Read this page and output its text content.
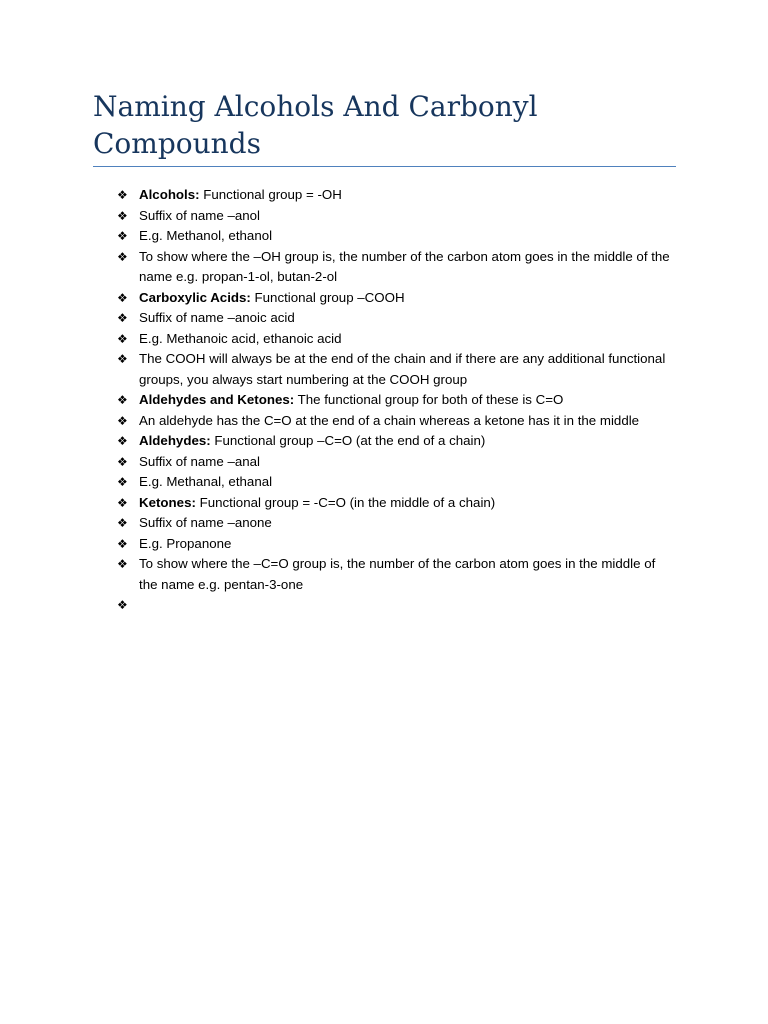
Naming Alcohols And Carbonyl Compounds
❖ Alcohols: Functional group = -OH
❖ Suffix of name –anol
❖ E.g. Methanol, ethanol
❖ To show where the –OH group is, the number of the carbon atom goes in the middle of the name e.g. propan-1-ol, butan-2-ol
❖ Carboxylic Acids: Functional group –COOH
❖ Suffix of name –anoic acid
❖ E.g. Methanoic acid, ethanoic acid
❖ The COOH will always be at the end of the chain and if there are any additional functional groups, you always start numbering at the COOH group
❖ Aldehydes and Ketones: The functional group for both of these is C=O
❖ An aldehyde has the C=O at the end of a chain whereas a ketone has it in the middle
❖ Aldehydes: Functional group –C=O (at the end of a chain)
❖ Suffix of name –anal
❖ E.g. Methanal, ethanal
❖ Ketones: Functional group = -C=O (in the middle of a chain)
❖ Suffix of name –anone
❖ E.g. Propanone
❖ To show where the –C=O group is, the number of the carbon atom goes in the middle of the name e.g. pentan-3-one
❖
